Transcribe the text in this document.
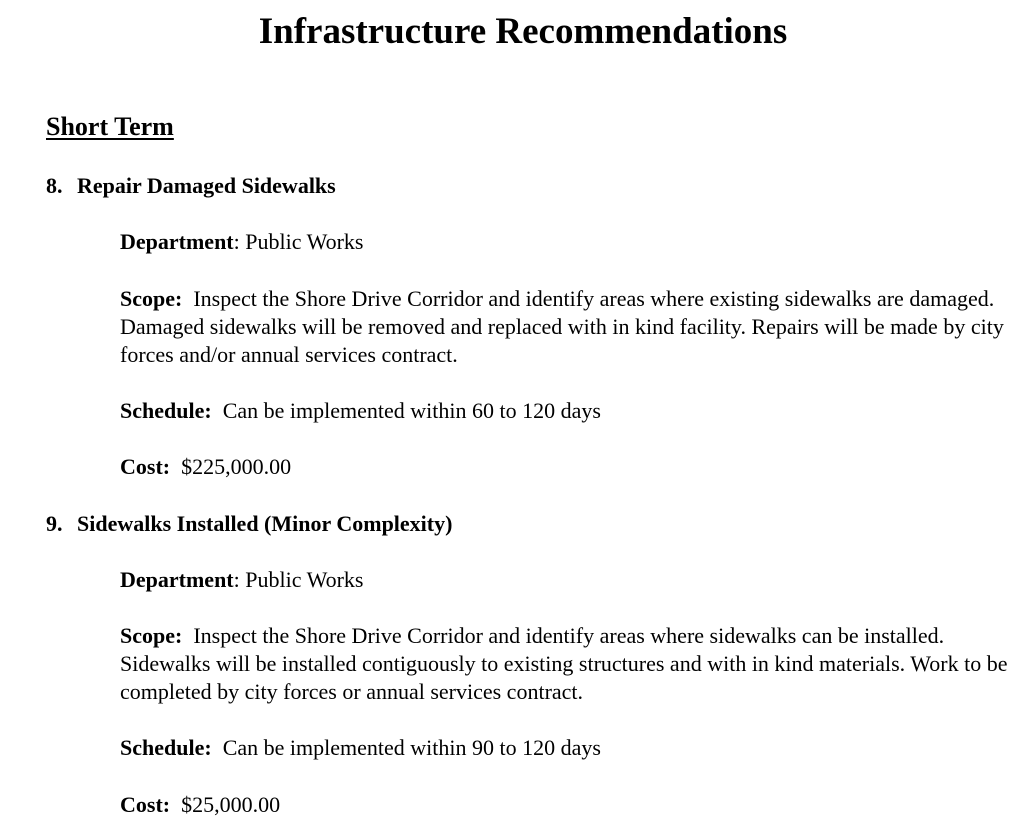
Infrastructure Recommendations
Short Term
8. Repair Damaged Sidewalks

Department: Public Works

Scope: Inspect the Shore Drive Corridor and identify areas where existing sidewalks are damaged. Damaged sidewalks will be removed and replaced with in kind facility. Repairs will be made by city forces and/or annual services contract.

Schedule: Can be implemented within 60 to 120 days

Cost: $225,000.00

9. Sidewalks Installed (Minor Complexity)

Department: Public Works

Scope: Inspect the Shore Drive Corridor and identify areas where sidewalks can be installed. Sidewalks will be installed contiguously to existing structures and with in kind materials. Work to be completed by city forces or annual services contract.

Schedule: Can be implemented within 90 to 120 days

Cost: $25,000.00
